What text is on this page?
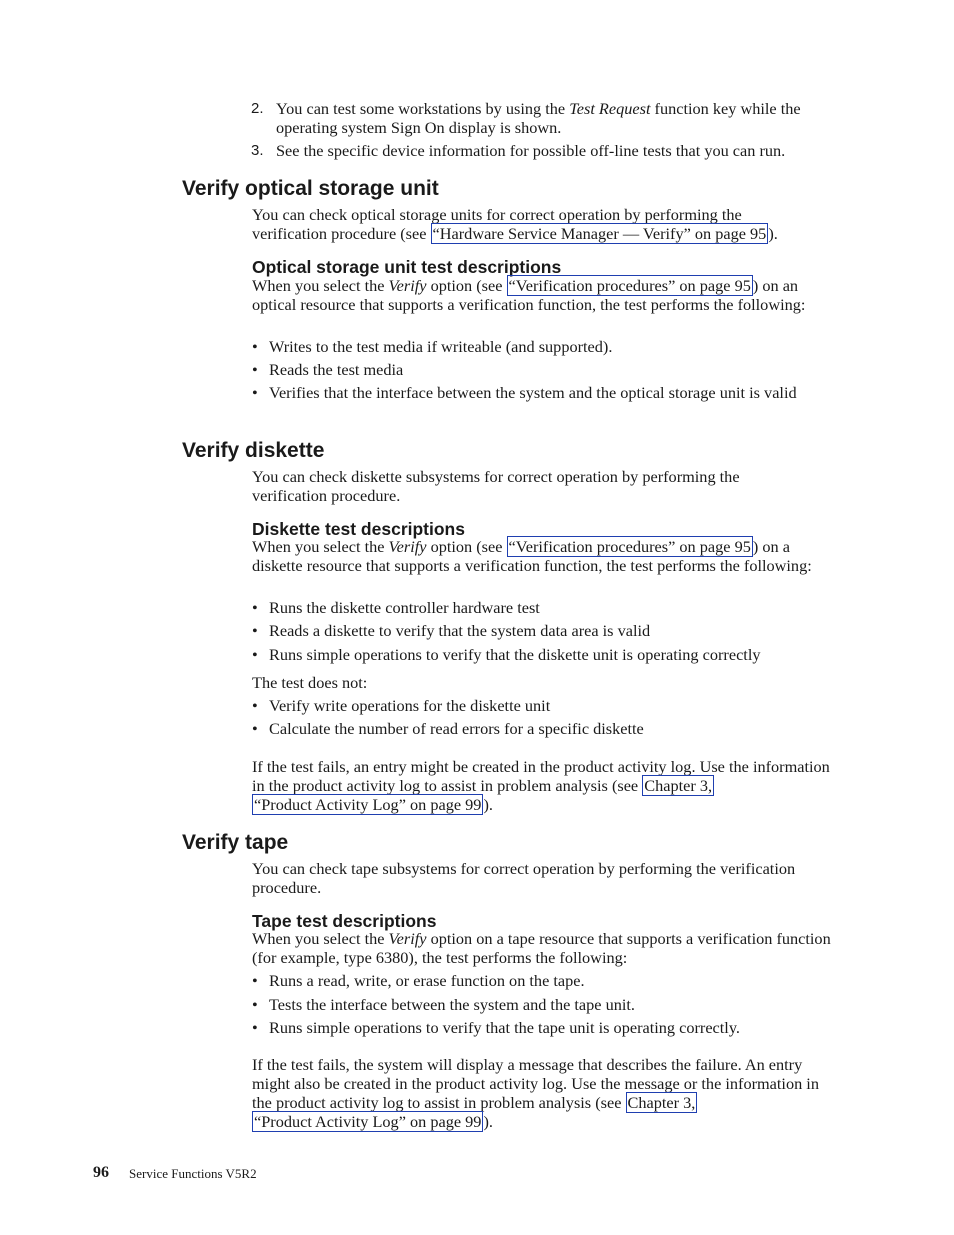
2. You can test some workstations by using the Test Request function key while the operating system Sign On display is shown.
3. See the specific device information for possible off-line tests that you can run.
Verify optical storage unit
You can check optical storage units for correct operation by performing the verification procedure (see “Hardware Service Manager — Verify” on page 95 ).
Optical storage unit test descriptions
When you select the Verify option (see “Verification procedures” on page 95 ) on an optical resource that supports a verification function, the test performs the following:
• Writes to the test media if writeable (and supported).
• Reads the test media
• Verifies that the interface between the system and the optical storage unit is valid
Verify diskette
You can check diskette subsystems for correct operation by performing the verification procedure.
Diskette test descriptions
When you select the Verify option (see “Verification procedures” on page 95 ) on a diskette resource that supports a verification function, the test performs the following:
• Runs the diskette controller hardware test
• Reads a diskette to verify that the system data area is valid
• Runs simple operations to verify that the diskette unit is operating correctly
The test does not:
• Verify write operations for the diskette unit
• Calculate the number of read errors for a specific diskette
If the test fails, an entry might be created in the product activity log. Use the information in the product activity log to assist in problem analysis (see Chapter 3,
“Product Activity Log” on page 99 ).
Verify tape
You can check tape subsystems for correct operation by performing the verification procedure.
Tape test descriptions
When you select the Verify option on a tape resource that supports a verification function (for example, type 6380), the test performs the following:
• Runs a read, write, or erase function on the tape.
• Tests the interface between the system and the tape unit.
• Runs simple operations to verify that the tape unit is operating correctly.
If the test fails, the system will display a message that describes the failure. An entry might also be created in the product activity log. Use the message or the information in the product activity log to assist in problem analysis (see Chapter 3,
“Product Activity Log” on page 99 ).
96 Service Functions V5R2
